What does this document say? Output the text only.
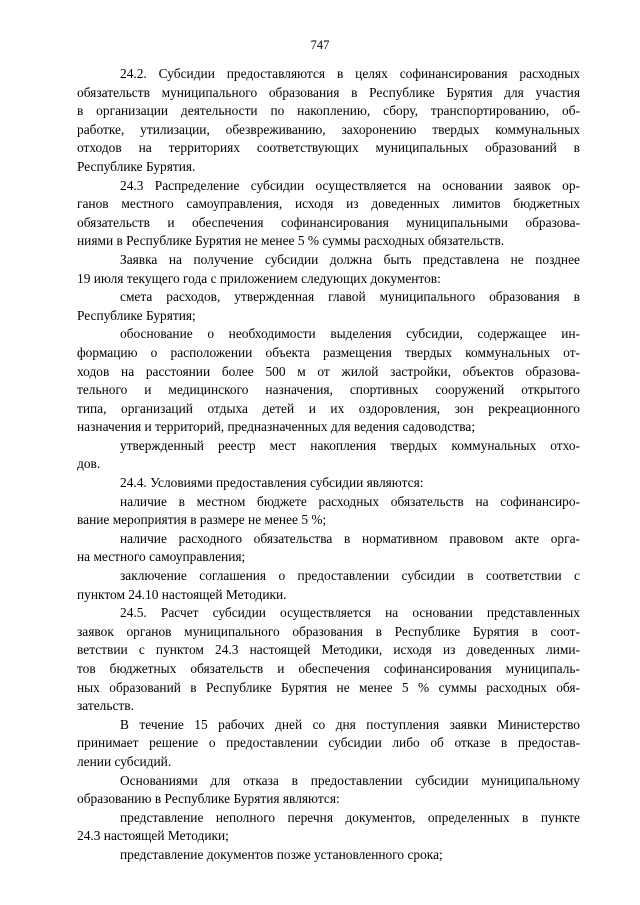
747
24.2. Субсидии предоставляются в целях софинансирования расходных
обязательств муниципального образования в Республике Бурятия для участия
в организации деятельности по накоплению, сбору, транспортированию, об-
работке, утилизации, обезвреживанию, захоронению твердых коммунальных
отходов на территориях соответствующих муниципальных образований в
Республике Бурятия.
24.3 Распределение субсидии осуществляется на основании заявок ор-
ганов местного самоуправления, исходя из доведенных лимитов бюджетных
обязательств и обеспечения софинансирования муниципальными образова-
ниями в Республике Бурятия не менее 5 % суммы расходных обязательств.
Заявка на получение субсидии должна быть представлена не позднее
19 июля текущего года с приложением следующих документов:
смета расходов, утвержденная главой муниципального образования в
Республике Бурятия;
обоснование о необходимости выделения субсидии, содержащее ин-
формацию о расположении объекта размещения твердых коммунальных от-
ходов на расстоянии более 500 м от жилой застройки, объектов образова-
тельного и медицинского назначения, спортивных сооружений открытого
типа, организаций отдыха детей и их оздоровления, зон рекреационного
назначения и территорий, предназначенных для ведения садоводства;
утвержденный реестр мест накопления твердых коммунальных отхо-
дов.
24.4. Условиями предоставления субсидии являются:
наличие в местном бюджете расходных обязательств на софинансиро-
вание мероприятия в размере не менее 5 %;
наличие расходного обязательства в нормативном правовом акте орга-
на местного самоуправления;
заключение соглашения о предоставлении субсидии в соответствии с
пунктом 24.10 настоящей Методики.
24.5. Расчет субсидии осуществляется на основании представленных
заявок органов муниципального образования в Республике Бурятия в соот-
ветствии с пунктом 24.3 настоящей Методики, исходя из доведенных лими-
тов бюджетных обязательств и обеспечения софинансирования муниципаль-
ных образований в Республике Бурятия не менее 5 % суммы расходных обя-
зательств.
В течение 15 рабочих дней со дня поступления заявки Министерство
принимает решение о предоставлении субсидии либо об отказе в предостав-
лении субсидий.
Основаниями для отказа в предоставлении субсидии муниципальному
образованию в Республике Бурятия являются:
представление неполного перечня документов, определенных в пункте
24.3 настоящей Методики;
представление документов позже установленного срока;
